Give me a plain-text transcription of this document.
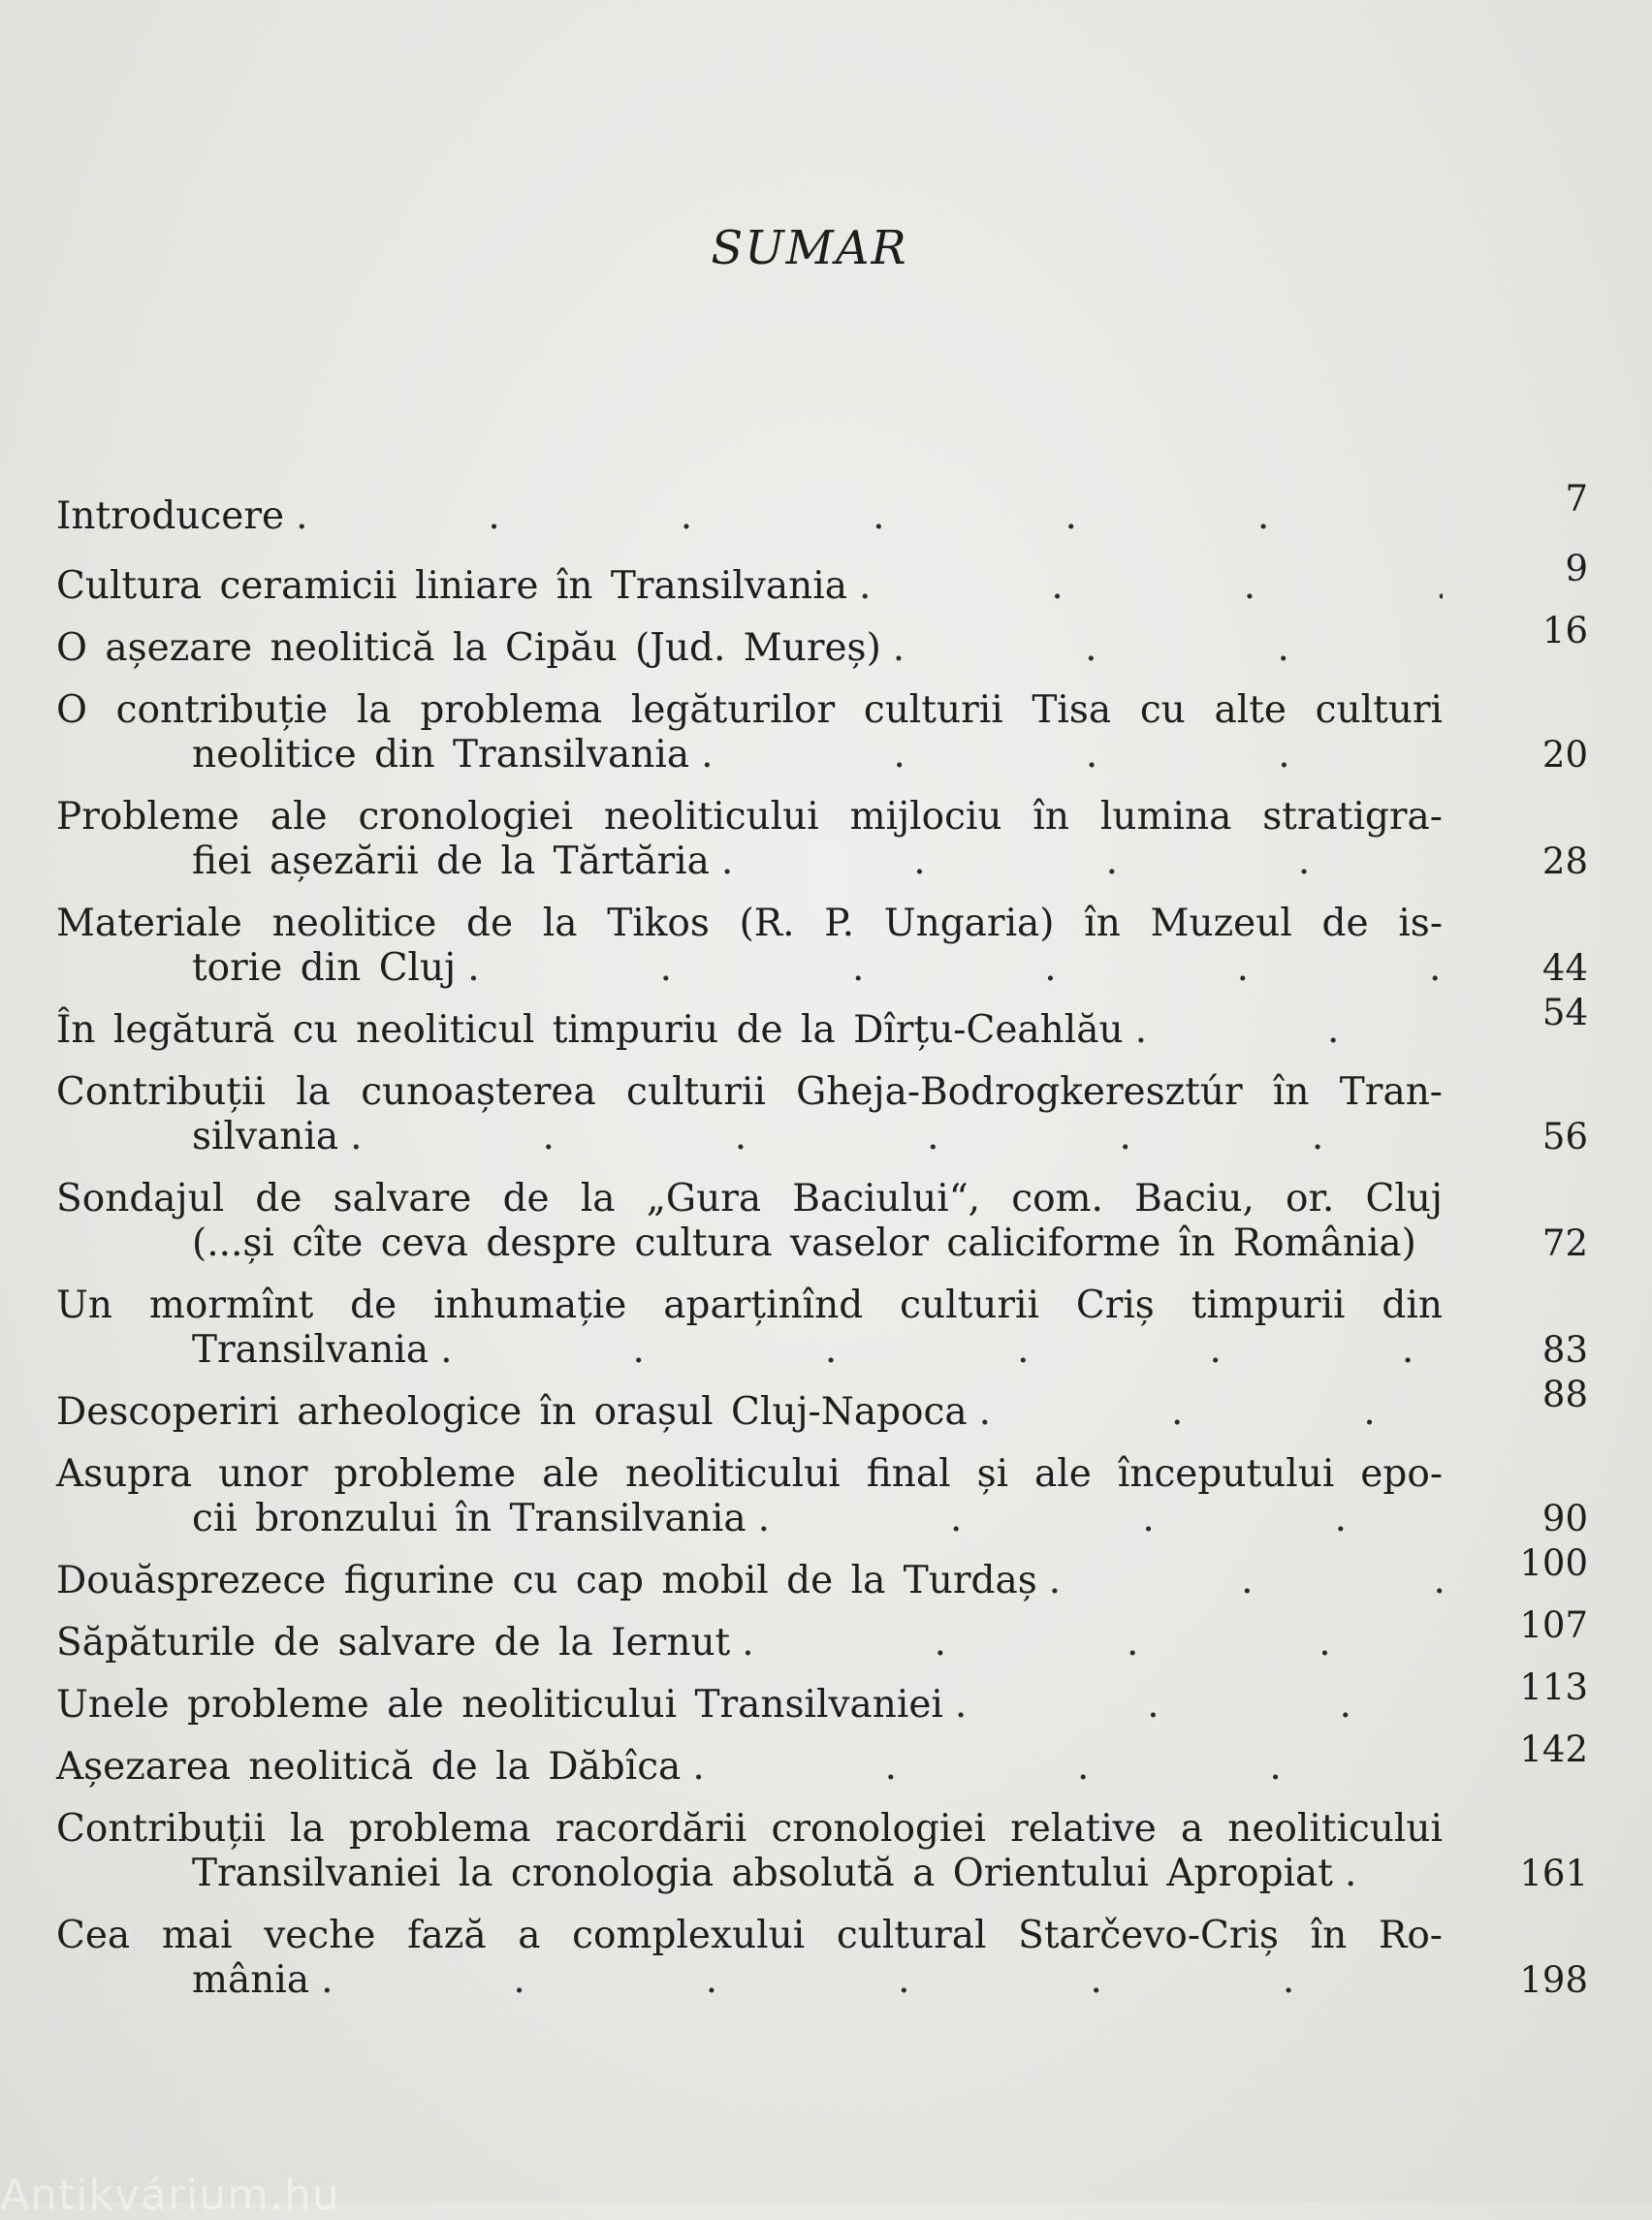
SUMAR
Introducere .	7
Cultura ceramicii liniare în Transilvania .	9
O așezare neolitică la Cipău (Jud. Mureș) .	16
O contribuție la problema legăturilor culturii Tisa cu alte culturi
neolitice din Transilvania .	20
Probleme ale cronologiei neoliticului mijlociu în lumina stratigra-
fiei așezării de la Tărtăria .	28
Materiale neolitice de la Tikos (R. P. Ungaria) în Muzeul de is-
torie din Cluj .	44
În legătură cu neoliticul timpuriu de la Dîrțu-Ceahlău .	54
Contribuții la cunoașterea culturii Gheja-Bodrogkeresztúr în Tran-
silvania .	56
Sondajul de salvare de la „Gura Baciului“, com. Baciu, or. Cluj
(...și cîte ceva despre cultura vaselor caliciforme în România)	72
Un mormînt de inhumație aparținînd culturii Criș timpurii din
Transilvania .	83
Descoperiri arheologice în orașul Cluj-Napoca .	88
Asupra unor probleme ale neoliticului final și ale începutului epo-
cii bronzului în Transilvania .	90
Douăsprezece figurine cu cap mobil de la Turdaș .	100
Săpăturile de salvare de la Iernut .	107
Unele probleme ale neoliticului Transilvaniei .	113
Așezarea neolitică de la Dăbîca .	142
Contribuții la problema racordării cronologiei relative a neoliticului
Transilvaniei la cronologia absolută a Orientului Apropiat .	161
Cea mai veche fază a complexului cultural Starčevo-Criș în Ro-
mânia .	198
Antikvárium.hu
